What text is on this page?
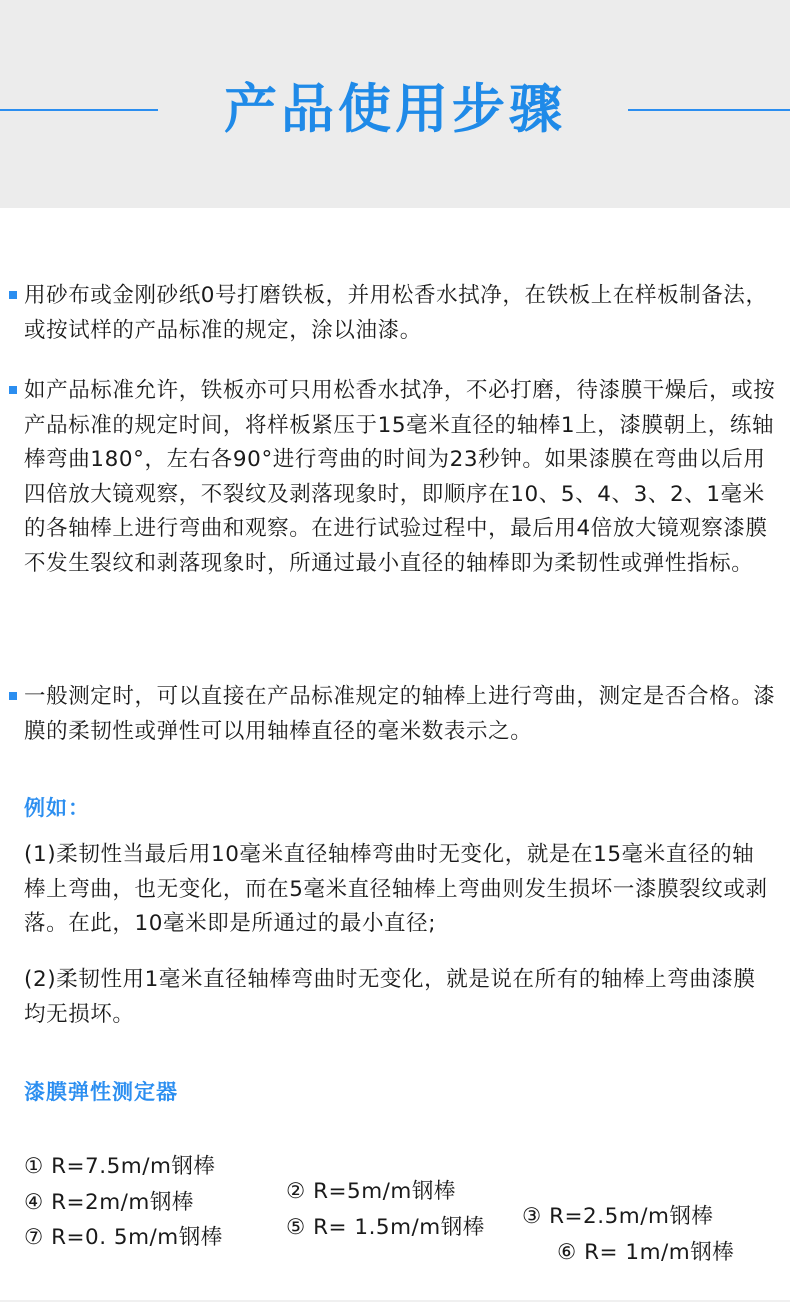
产品使用步骤

用砂布或金刚砂纸0号打磨铁板，并用松香水拭净，在铁板上在样板制备法，或按试样的产品标准的规定，涂以油漆。

如产品标准允许，铁板亦可只用松香水拭净，不必打磨，待漆膜干燥后，或按产品标准的规定时间，将样板紧压于15毫米直径的轴棒1上，漆膜朝上，练轴棒弯曲180°，左右各90°进行弯曲的时间为23秒钟。如果漆膜在弯曲以后用四倍放大镜观察，不裂纹及剥落现象时，即顺序在10、5、4、3、2、1毫米的各轴棒上进行弯曲和观察。在进行试验过程中，最后用4倍放大镜观察漆膜不发生裂纹和剥落现象时，所通过最小直径的轴棒即为柔韧性或弹性指标。

一般测定时，可以直接在产品标准规定的轴棒上进行弯曲，测定是否合格。漆膜的柔韧性或弹性可以用轴棒直径的毫米数表示之。

例如：

(1)柔韧性当最后用10毫米直径轴棒弯曲时无变化，就是在15毫米直径的轴棒上弯曲，也无变化，而在5毫米直径轴棒上弯曲则发生损坏一漆膜裂纹或剥落。在此，10毫米即是所通过的最小直径;

(2)柔韧性用1毫米直径轴棒弯曲时无变化，就是说在所有的轴棒上弯曲漆膜均无损坏。

漆膜弹性测定器

① R=7.5m/m钢棒

② R=5m/m钢棒

③ R=2.5m/m钢棒

④ R=2m/m钢棒

⑤ R= 1.5m/m钢棒

⑥ R= 1m/m钢棒

⑦ R=0. 5m/m钢棒
